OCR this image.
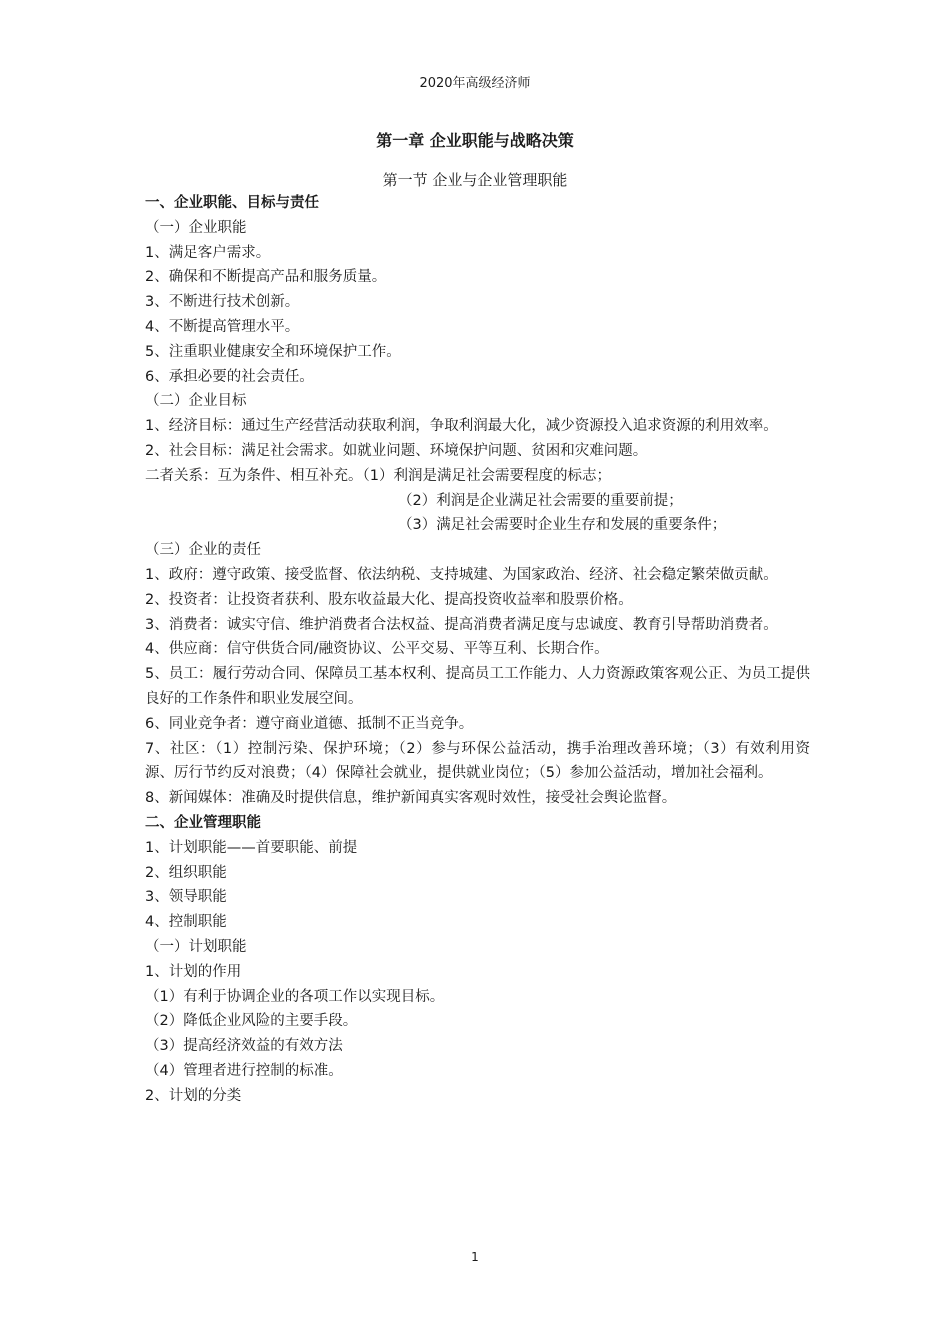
2020年高级经济师
第一章 企业职能与战略决策
第一节 企业与企业管理职能
一、企业职能、目标与责任
（一）企业职能
1、满足客户需求。
2、确保和不断提高产品和服务质量。
3、不断进行技术创新。
4、不断提高管理水平。
5、注重职业健康安全和环境保护工作。
6、承担必要的社会责任。
（二）企业目标
1、经济目标：通过生产经营活动获取利润，争取利润最大化，减少资源投入追求资源的利用效率。
2、社会目标：满足社会需求。如就业问题、环境保护问题、贫困和灾难问题。
二者关系：互为条件、相互补充。（1）利润是满足社会需要程度的标志；
（2）利润是企业满足社会需要的重要前提；
（3）满足社会需要时企业生存和发展的重要条件；
（三）企业的责任
1、政府：遵守政策、接受监督、依法纳税、支持城建、为国家政治、经济、社会稳定繁荣做贡献。
2、投资者：让投资者获利、股东收益最大化、提高投资收益率和股票价格。
3、消费者：诚实守信、维护消费者合法权益、提高消费者满足度与忠诚度、教育引导帮助消费者。
4、供应商：信守供货合同/融资协议、公平交易、平等互利、长期合作。
5、员工：履行劳动合同、保障员工基本权利、提高员工工作能力、人力资源政策客观公正、为员工提供良好的工作条件和职业发展空间。
6、同业竞争者：遵守商业道德、抵制不正当竞争。
7、社区：（1）控制污染、保护环境；（2）参与环保公益活动，携手治理改善环境；（3）有效利用资源、厉行节约反对浪费；（4）保障社会就业，提供就业岗位；（5）参加公益活动，增加社会福利。
8、新闻媒体：准确及时提供信息，维护新闻真实客观时效性，接受社会舆论监督。
二、企业管理职能
1、计划职能——首要职能、前提
2、组织职能
3、领导职能
4、控制职能
（一）计划职能
1、计划的作用
（1）有利于协调企业的各项工作以实现目标。
（2）降低企业风险的主要手段。
（3）提高经济效益的有效方法
（4）管理者进行控制的标准。
2、计划的分类
1
